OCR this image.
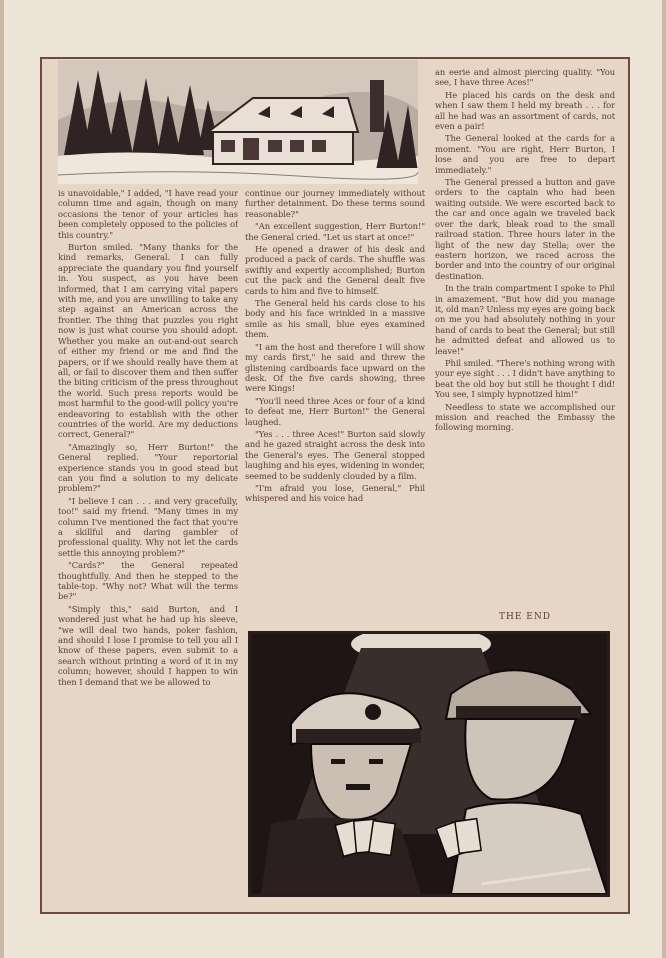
is unavoidable," I added, "I have read your column time and again, though on many occasions the tenor of your articles has been completely opposed to the policies of this country."

Burton smiled. "Many thanks for the kind remarks, General. I can fully appreciate the quandary you find yourself in. You suspect, as you have been informed, that I am carrying vital papers with me, and you are unwilling to take any step against an American across the frontier. The thing that puzzles you right now is just what course you should adopt. Whether you make an out-and-out search of either my friend or me and find the papers, or if we should really have them at all, or fail to discover them and then suffer the biting criticism of the press throughout the world. Such press reports would be most harmful to the good-will policy you're endeavoring to establish with the other countries of the world. Are my deductions correct, General?"

"Amazingly so, Herr Burton!" the General replied. "Your reportorial experience stands you in good stead but can you find a solution to my delicate problem?"

"I believe I can . . . and very gracefully, too!" said my friend. "Many times in my column I've mentioned the fact that you're a skillful and daring gambler of professional quality. Why not let the cards settle this annoying problem?"

"Cards?" the General repeated thoughtfully. And then he stepped to the table-top. "Why not? What will the terms be?"

"Simply this," said Burton, and I wondered just what he had up his sleeve, "we will deal two hands, poker fashion, and should I lose I promise to tell you all I know of these papers, even submit to a search without printing a word of it in my column; however, should I happen to win then I demand that we be allowed to

continue our journey immediately without further detainment. Do these terms sound reasonable?"

"An excellent suggestion, Herr Burton!" the General cried. "Let us start at once!"

He opened a drawer of his desk and produced a pack of cards. The shuffle was swiftly and expertly accomplished; Burton cut the pack and the General dealt five cards to him and five to himself.

The General held his cards close to his body and his face wrinkled in a massive smile as his small, blue eyes examined them.

"I am the host and therefore I will show my cards first," he said and threw the glistening cardboards face upward on the desk. Of the five cards showing, three were Kings!

"You'll need three Aces or four of a kind to defeat me, Herr Burton!" the General laughed.

"Yes . . . three Aces!" Burton said slowly and he gazed straight across the desk into the General's eyes. The General stopped laughing and his eyes, widening in wonder, seemed to be suddenly clouded by a film.

"I'm afraid you lose, General," Phil whispered and his voice had

an eerie and almost piercing quality. "You see, I have three Aces!"

He placed his cards on the desk and when I saw them I held my breath . . . for all he had was an assortment of cards, not even a pair!

The General looked at the cards for a moment. "You are right, Herr Burton, I lose and you are free to depart immediately."

The General pressed a button and gave orders to the captain who had been waiting outside. We were escorted back to the car and once again we traveled back over the dark, bleak road to the small railroad station. Three hours later in the light of the new day Stella; over the eastern horizon, we raced across the border and into the country of our original destination.

In the train compartment I spoke to Phil in amazement. "But how did you manage it, old man? Unless my eyes are going back on me you had absolutely nothing in your hand of cards to beat the General; but still he admitted defeat and allowed us to leave!"

Phil smiled. "There's nothing wrong with your eye sight . . . I didn't have anything to beat the old boy but still he thought I did! You see, I simply hypnotized him!"

Needless to state we accomplished our mission and reached the Embassy the following morning.

THE END
